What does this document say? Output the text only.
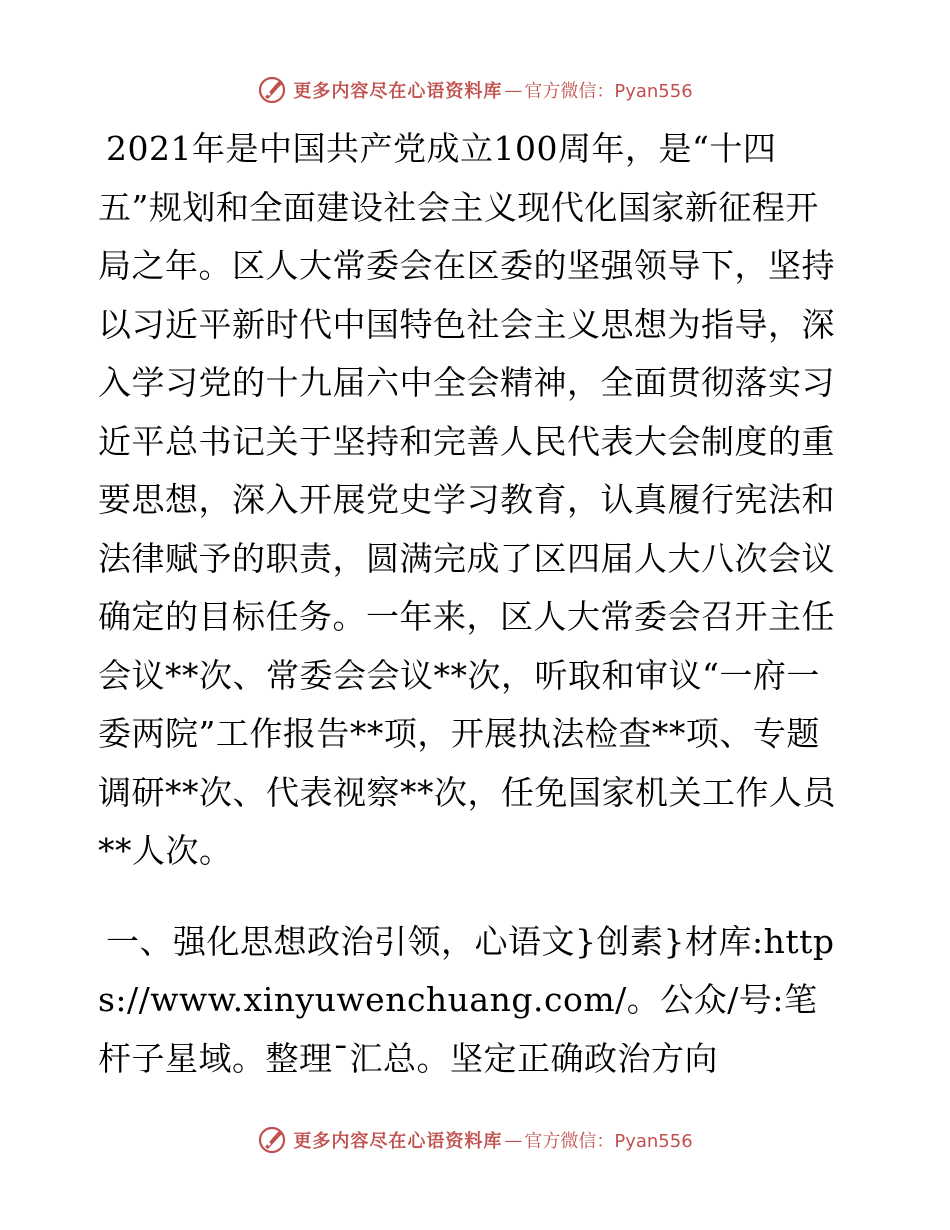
更多内容尽在心语资料库 — 官方微信：Pyan556

2021年是中国共产党成立100周年，是“十四五”规划和全面建设社会主义现代化国家新征程开局之年。区人大常委会在区委的坚强领导下，坚持以习近平新时代中国特色社会主义思想为指导，深入学习党的十九届六中全会精神，全面贯彻落实习近平总书记关于坚持和完善人民代表大会制度的重要思想，深入开展党史学习教育，认真履行宪法和法律赋予的职责，圆满完成了区四届人大八次会议确定的目标任务。一年来，区人大常委会召开主任会议**次、常委会会议**次，听取和审议“一府一委两院”工作报告**项，开展执法检查**项、专题调研**次、代表视察**次，任免国家机关工作人员**人次。

一、强化思想政治引领，心语文}创素}材库:https://www.xinyuwenchuang.com/。公众/号:笔杆子星域。整理¯汇总。坚定正确政治方向

更多内容尽在心语资料库 — 官方微信：Pyan556
